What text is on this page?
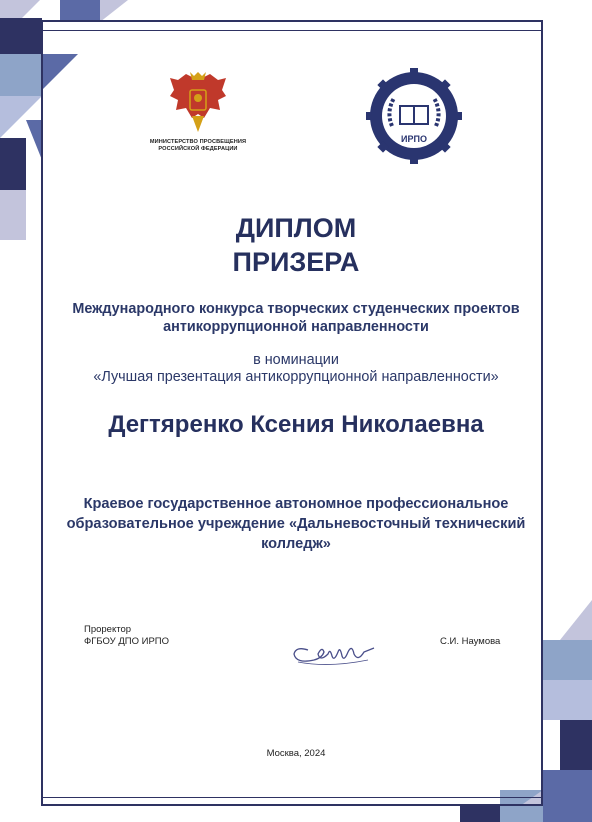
МИНИСТЕРСТВО ПРОСВЕЩЕНИЯ
РОССИЙСКОЙ ФЕДЕРАЦИИ
ИРПО
ДИПЛОМ
ПРИЗЕРА
Международного конкурса творческих студенческих проектов антикоррупционной направленности
в номинации
«Лучшая презентация антикоррупционной направленности»
Дегтяренко Ксения Николаевна
Краевое государственное автономное профессиональное образовательное учреждение «Дальневосточный технический колледж»
Проректор
ФГБОУ ДПО ИРПО	С.И. Наумова
Москва, 2024
